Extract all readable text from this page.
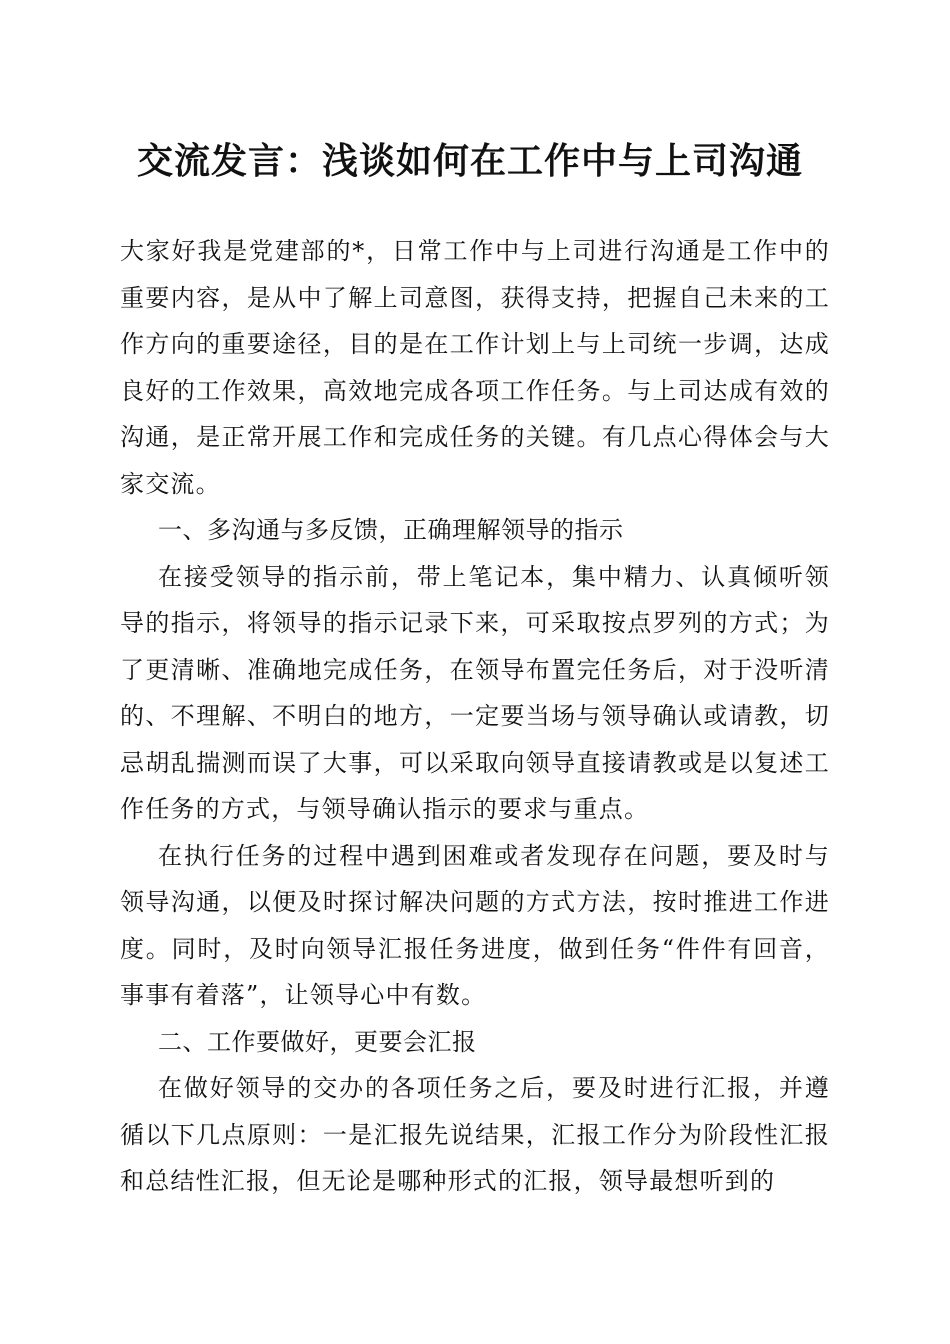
交流发言：浅谈如何在工作中与上司沟通

大家好我是党建部的*，日常工作中与上司进行沟通是工作中的重要内容，是从中了解上司意图，获得支持，把握自己未来的工作方向的重要途径，目的是在工作计划上与上司统一步调，达成良好的工作效果，高效地完成各项工作任务。与上司达成有效的沟通，是正常开展工作和完成任务的关键。有几点心得体会与大家交流。

一、多沟通与多反馈，正确理解领导的指示

在接受领导的指示前，带上笔记本，集中精力、认真倾听领导的指示，将领导的指示记录下来，可采取按点罗列的方式；为了更清晰、准确地完成任务，在领导布置完任务后，对于没听清的、不理解、不明白的地方，一定要当场与领导确认或请教，切忌胡乱揣测而误了大事，可以采取向领导直接请教或是以复述工作任务的方式，与领导确认指示的要求与重点。

在执行任务的过程中遇到困难或者发现存在问题，要及时与领导沟通，以便及时探讨解决问题的方式方法，按时推进工作进度。同时，及时向领导汇报任务进度，做到任务“件件有回音，事事有着落”，让领导心中有数。

二、工作要做好，更要会汇报

在做好领导的交办的各项任务之后，要及时进行汇报，并遵循以下几点原则：一是汇报先说结果，汇报工作分为阶段性汇报和总结性汇报，但无论是哪种形式的汇报，领导最想听到的
